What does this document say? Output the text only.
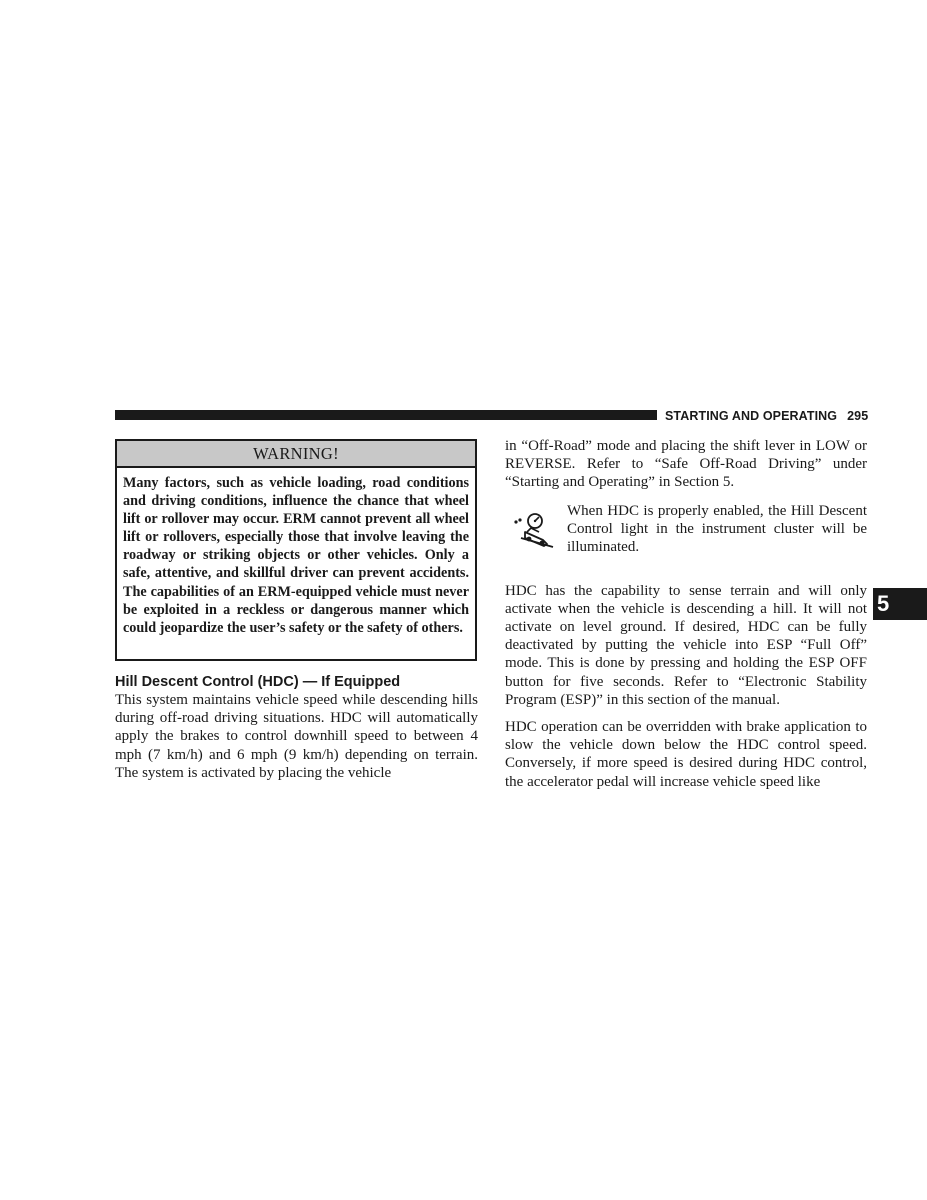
STARTING AND OPERATING 295
5
WARNING!
Many factors, such as vehicle loading, road conditions and driving conditions, influence the chance that wheel lift or rollover may occur. ERM cannot prevent all wheel lift or rollovers, especially those that involve leaving the roadway or striking objects or other vehicles. Only a safe, attentive, and skillful driver can prevent accidents. The capabilities of an ERM-equipped vehicle must never be exploited in a reckless or dangerous manner which could jeopardize the user’s safety or the safety of others.
Hill Descent Control (HDC) — If Equipped

This system maintains vehicle speed while descending hills during off-road driving situations. HDC will automatically apply the brakes to control downhill speed to between 4 mph (7 km/h) and 6 mph (9 km/h) depending on terrain. The system is activated by placing the vehicle

in “Off-Road” mode and placing the shift lever in LOW or REVERSE. Refer to “Safe Off-Road Driving” under “Starting and Operating” in Section 5.

When HDC is properly enabled, the Hill Descent Control light in the instrument cluster will be illuminated.

HDC has the capability to sense terrain and will only activate when the vehicle is descending a hill. It will not activate on level ground. If desired, HDC can be fully deactivated by putting the vehicle into ESP “Full Off” mode. This is done by pressing and holding the ESP OFF button for five seconds. Refer to “Electronic Stability Program (ESP)” in this section of the manual.

HDC operation can be overridden with brake application to slow the vehicle down below the HDC control speed. Conversely, if more speed is desired during HDC control, the accelerator pedal will increase vehicle speed like
